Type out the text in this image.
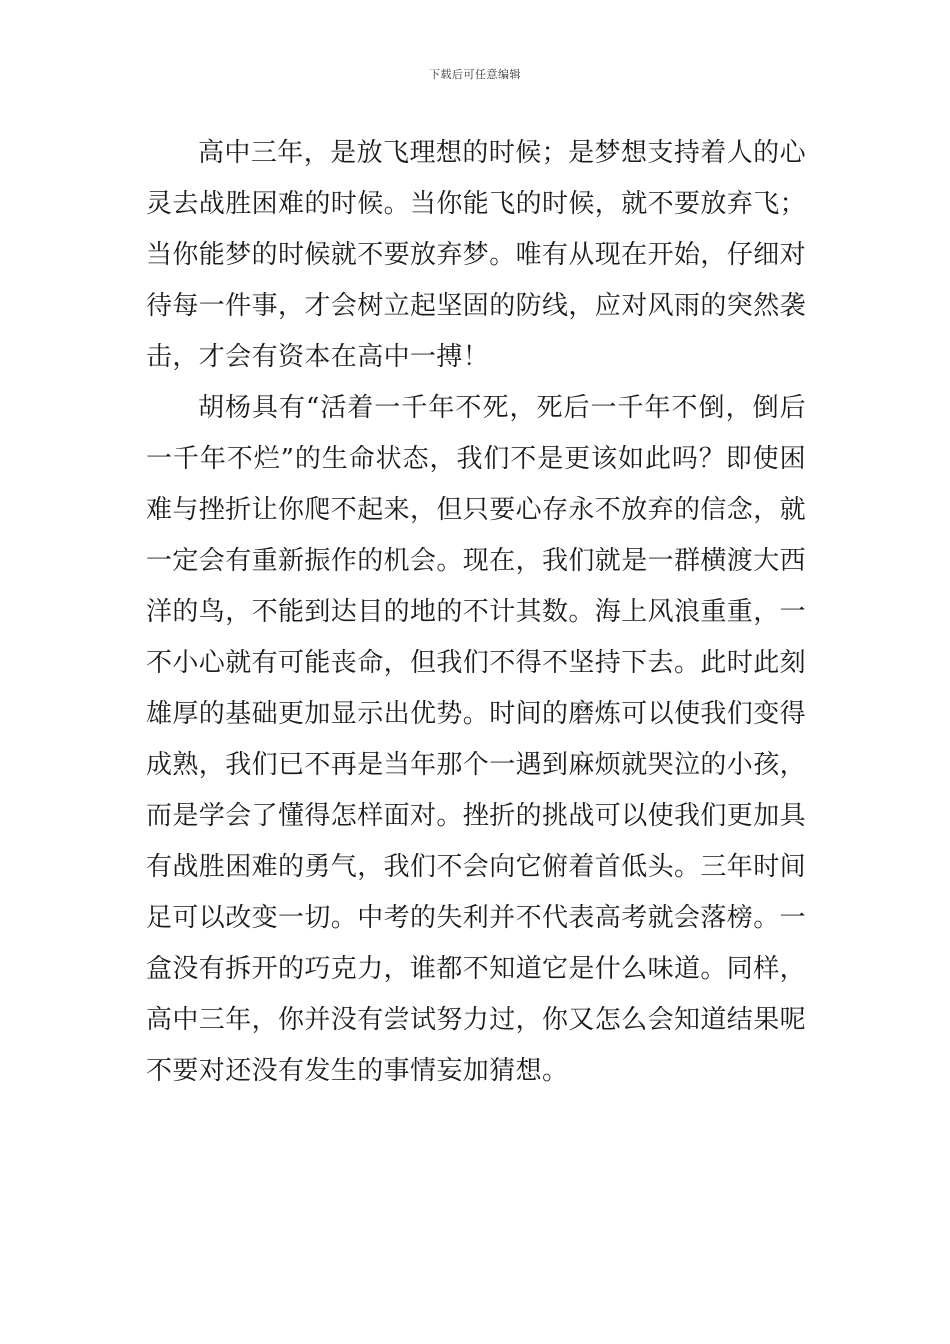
下载后可任意编辑

高中三年，是放飞理想的时候；是梦想支持着人的心灵去战胜困难的时候。当你能飞的时候，就不要放弃飞；当你能梦的时候就不要放弃梦。唯有从现在开始，仔细对待每一件事，才会树立起坚固的防线，应对风雨的突然袭击，才会有资本在高中一搏！

胡杨具有“活着一千年不死，死后一千年不倒，倒后一千年不烂”的生命状态，我们不是更该如此吗？即使困难与挫折让你爬不起来，但只要心存永不放弃的信念，就一定会有重新振作的机会。现在，我们就是一群横渡大西洋的鸟，不能到达目的地的不计其数。海上风浪重重，一不小心就有可能丧命，但我们不得不坚持下去。此时此刻雄厚的基础更加显示出优势。时间的磨炼可以使我们变得成熟，我们已不再是当年那个一遇到麻烦就哭泣的小孩，而是学会了懂得怎样面对。挫折的挑战可以使我们更加具有战胜困难的勇气，我们不会向它俯着首低头。三年时间足可以改变一切。中考的失利并不代表高考就会落榜。一盒没有拆开的巧克力，谁都不知道它是什么味道。同样，高中三年，你并没有尝试努力过，你又怎么会知道结果呢不要对还没有发生的事情妄加猜想。
